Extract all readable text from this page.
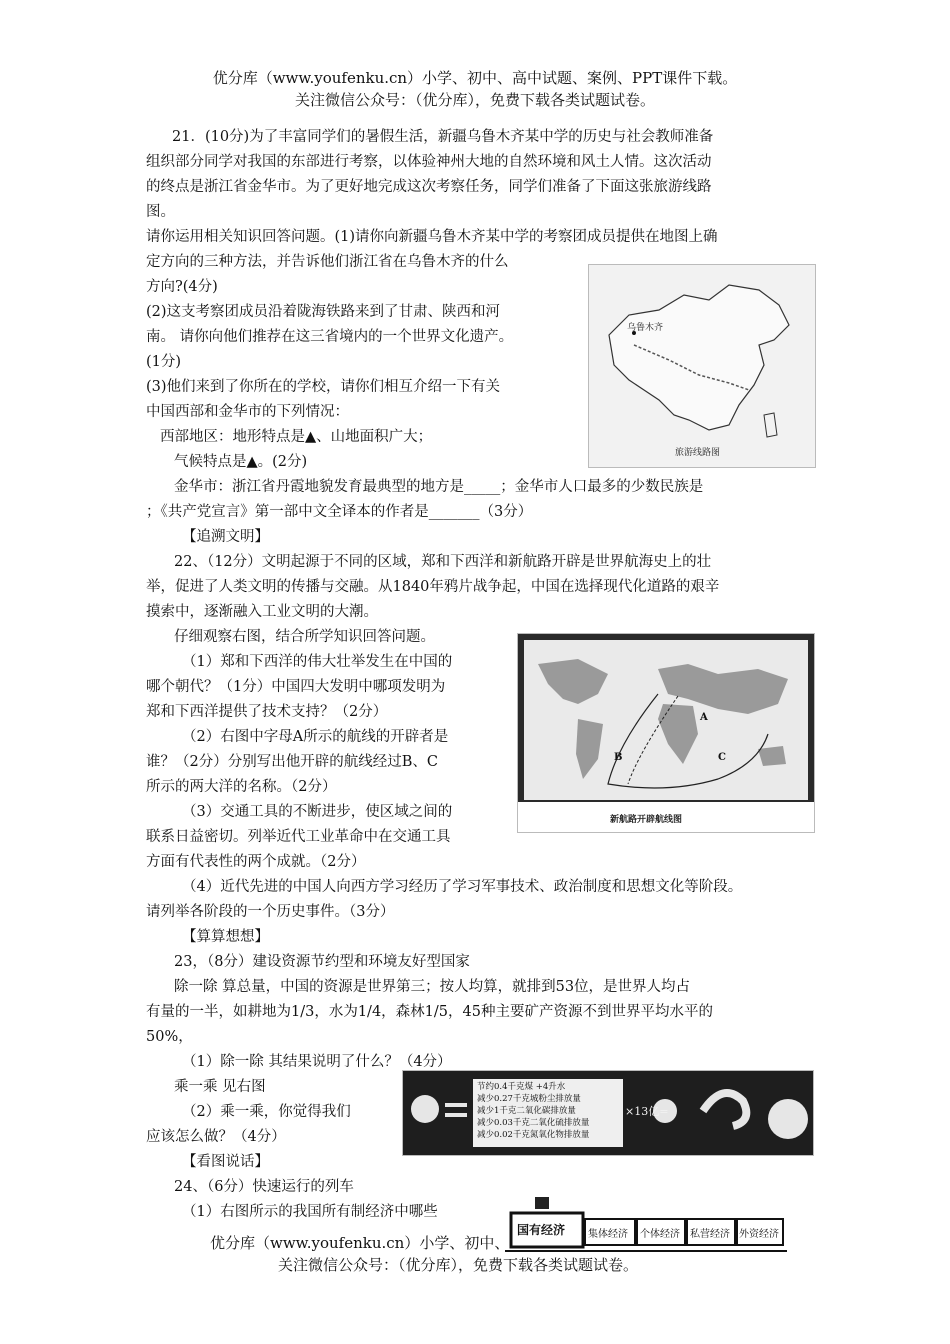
优分库（www.youfenku.cn）小学、初中、高中试题、案例、PPT课件下载。
关注微信公众号：（优分库），免费下载各类试题试卷。
21．(10分)为了丰富同学们的暑假生活，新疆乌鲁木齐某中学的历史与社会教师准备
组织部分同学对我国的东部进行考察，以体验神州大地的自然环境和风土人情。这次活动
的终点是浙江省金华市。为了更好地完成这次考察任务，同学们准备了下面这张旅游线路
图。
请你运用相关知识回答问题。(1)请你向新疆乌鲁木齐某中学的考察团成员提供在地图上确
定方向的三种方法，并告诉他们浙江省在乌鲁木齐的什么
方向?(4分)
(2)这支考察团成员沿着陇海铁路来到了甘肃、陕西和河
南。 请你向他们推荐在这三省境内的一个世界文化遗产。
(1分)
(3)他们来到了你所在的学校，请你们相互介绍一下有关
中国西部和金华市的下列情况：
西部地区：地形特点是▲、山地面积广大；
气候特点是▲。(2分)
金华市：浙江省丹霞地貌发育最典型的地方是_____；金华市人口最多的少数民族是
；《共产党宣言》第一部中文全译本的作者是_______（3分）
乌鲁木齐
旅游线路图
【追溯文明】
22、（12分）文明起源于不同的区域，郑和下西洋和新航路开辟是世界航海史上的壮
举，促进了人类文明的传播与交融。从1840年鸦片战争起，中国在选择现代化道路的艰辛
摸索中，逐渐融入工业文明的大潮。
仔细观察右图，结合所学知识回答问题。
（1）郑和下西洋的伟大壮举发生在中国的
哪个朝代？（1分）中国四大发明中哪项发明为
郑和下西洋提供了技术支持？（2分）
（2）右图中字母A所示的航线的开辟者是
谁？（2分）分别写出他开辟的航线经过B、C
所示的两大洋的名称。（2分）
（3）交通工具的不断进步，使区域之间的
联系日益密切。列举近代工业革命中在交通工具
方面有代表性的两个成就。（2分）
（4）近代先进的中国人向西方学习经历了学习军事技术、政治制度和思想文化等阶段。
请列举各阶段的一个历史事件。（3分）
A
B	C
新航路开辟航线图
【算算想想】
23，（8分）建设资源节约型和环境友好型国家
除一除 算总量，中国的资源是世界第三；按人均算，就排到53位，是世界人均占
有量的一半，如耕地为1/3，水为1/4，森林1/5，45种主要矿产资源不到世界平均水平的
50%，
（1）除一除 其结果说明了什么？（4分）
乘一乘 见右图
（2）乘一乘，你觉得我们
应该怎么做？（4分）
节约0.4千克煤 +4升水
减少0.27千克城粉尘排放量
减少1千克二氧化碳排放量
减少0.03千克二氧化硫排放量
减少0.02千克氮氧化物排放量
×13亿=
【看图说话】
24、（6分）快速运行的列车
（1）右图所示的我国所有制经济中哪些
国有经济 集体经济 个体经济 私营经济 外资经济
优分库（www.youfenku.cn）小学、初中、
关注微信公众号：（优分库），免费下载各类试题试卷。
